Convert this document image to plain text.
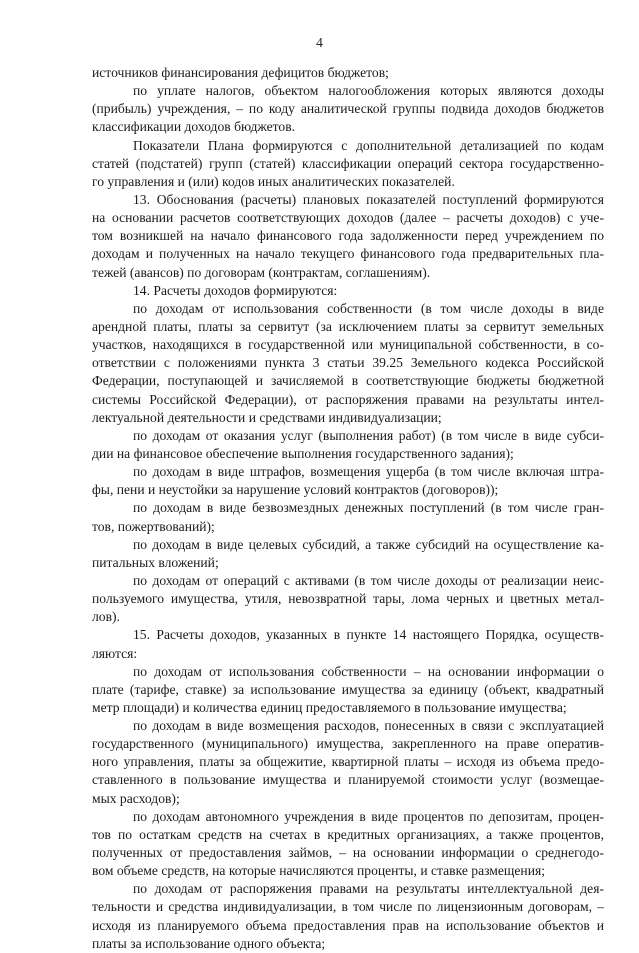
4
источников финансирования дефицитов бюджетов;
по уплате налогов, объектом налогообложения которых являются доходы
(прибыль) учреждения, – по коду аналитической группы подвида доходов бюджетов
классификации доходов бюджетов.
Показатели Плана формируются с дополнительной детализацией по кодам
статей (подстатей) групп (статей) классификации операций сектора государственно-
го управления и (или) кодов иных аналитических показателей.
13. Обоснования (расчеты) плановых показателей поступлений формируются
на основании расчетов соответствующих доходов (далее – расчеты доходов) с уче-
том возникшей на начало финансового года задолженности перед учреждением по
доходам и полученных на начало текущего финансового года предварительных пла-
тежей (авансов) по договорам (контрактам, соглашениям).
14. Расчеты доходов формируются:
по доходам от использования собственности (в том числе доходы в виде
арендной платы, платы за сервитут (за исключением платы за сервитут земельных
участков, находящихся в государственной или муниципальной собственности, в со-
ответствии с положениями пункта 3 статьи 39.25 Земельного кодекса Российской
Федерации, поступающей и зачисляемой в соответствующие бюджеты бюджетной
системы Российской Федерации), от распоряжения правами на результаты интел-
лектуальной деятельности и средствами индивидуализации;
по доходам от оказания услуг (выполнения работ) (в том числе в виде субси-
дии на финансовое обеспечение выполнения государственного задания);
по доходам в виде штрафов, возмещения ущерба (в том числе включая штра-
фы, пени и неустойки за нарушение условий контрактов (договоров));
по доходам в виде безвозмездных денежных поступлений (в том числе гран-
тов, пожертвований);
по доходам в виде целевых субсидий, а также субсидий на осуществление ка-
питальных вложений;
по доходам от операций с активами (в том числе доходы от реализации неис-
пользуемого имущества, утиля, невозвратной тары, лома черных и цветных метал-
лов).
15. Расчеты доходов, указанных в пункте 14 настоящего Порядка, осуществ-
ляются:
по доходам от использования собственности – на основании информации о
плате (тарифе, ставке) за использование имущества за единицу (объект, квадратный
метр площади) и количества единиц предоставляемого в пользование имущества;
по доходам в виде возмещения расходов, понесенных в связи с эксплуатацией
государственного (муниципального) имущества, закрепленного на праве оператив-
ного управления, платы за общежитие, квартирной платы – исходя из объема предо-
ставленного в пользование имущества и планируемой стоимости услуг (возмещае-
мых расходов);
по доходам автономного учреждения в виде процентов по депозитам, процен-
тов по остаткам средств на счетах в кредитных организациях, а также процентов,
полученных от предоставления займов, – на основании информации о среднегодо-
вом объеме средств, на которые начисляются проценты, и ставке размещения;
по доходам от распоряжения правами на результаты интеллектуальной дея-
тельности и средства индивидуализации, в том числе по лицензионным договорам, –
исходя из планируемого объема предоставления прав на использование объектов и
платы за использование одного объекта;
